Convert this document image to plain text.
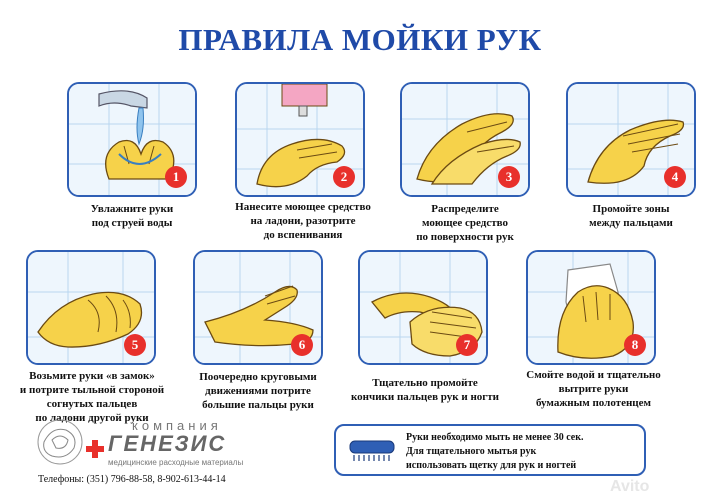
ПРАВИЛА МОЙКИ РУК
1	2	3	4
5	6	7	8
Увлажните руки
под струей воды
Нанесите моющее средство
на ладони, разотрите
до вспенивания
Распределите
моющее средство
по поверхности рук
Промойте зоны
между пальцами
Возьмите руки «в замок»
и потрите тыльной стороной
согнутых пальцев
по ладони другой руки
Поочередно круговыми
движениями потрите
большие пальцы руки
Тщательно промойте
кончики пальцев рук и ногти
Смойте водой и тщательно
вытрите руки
бумажным полотенцем
компания
ГЕНЕЗИС
медицинские расходные материалы
Руки необходимо мыть не менее 30 сек.
Для тщательного мытья рук
использовать щетку для рук и ногтей
Телефоны: (351) 796-88-58, 8-902-613-44-14	Avito
